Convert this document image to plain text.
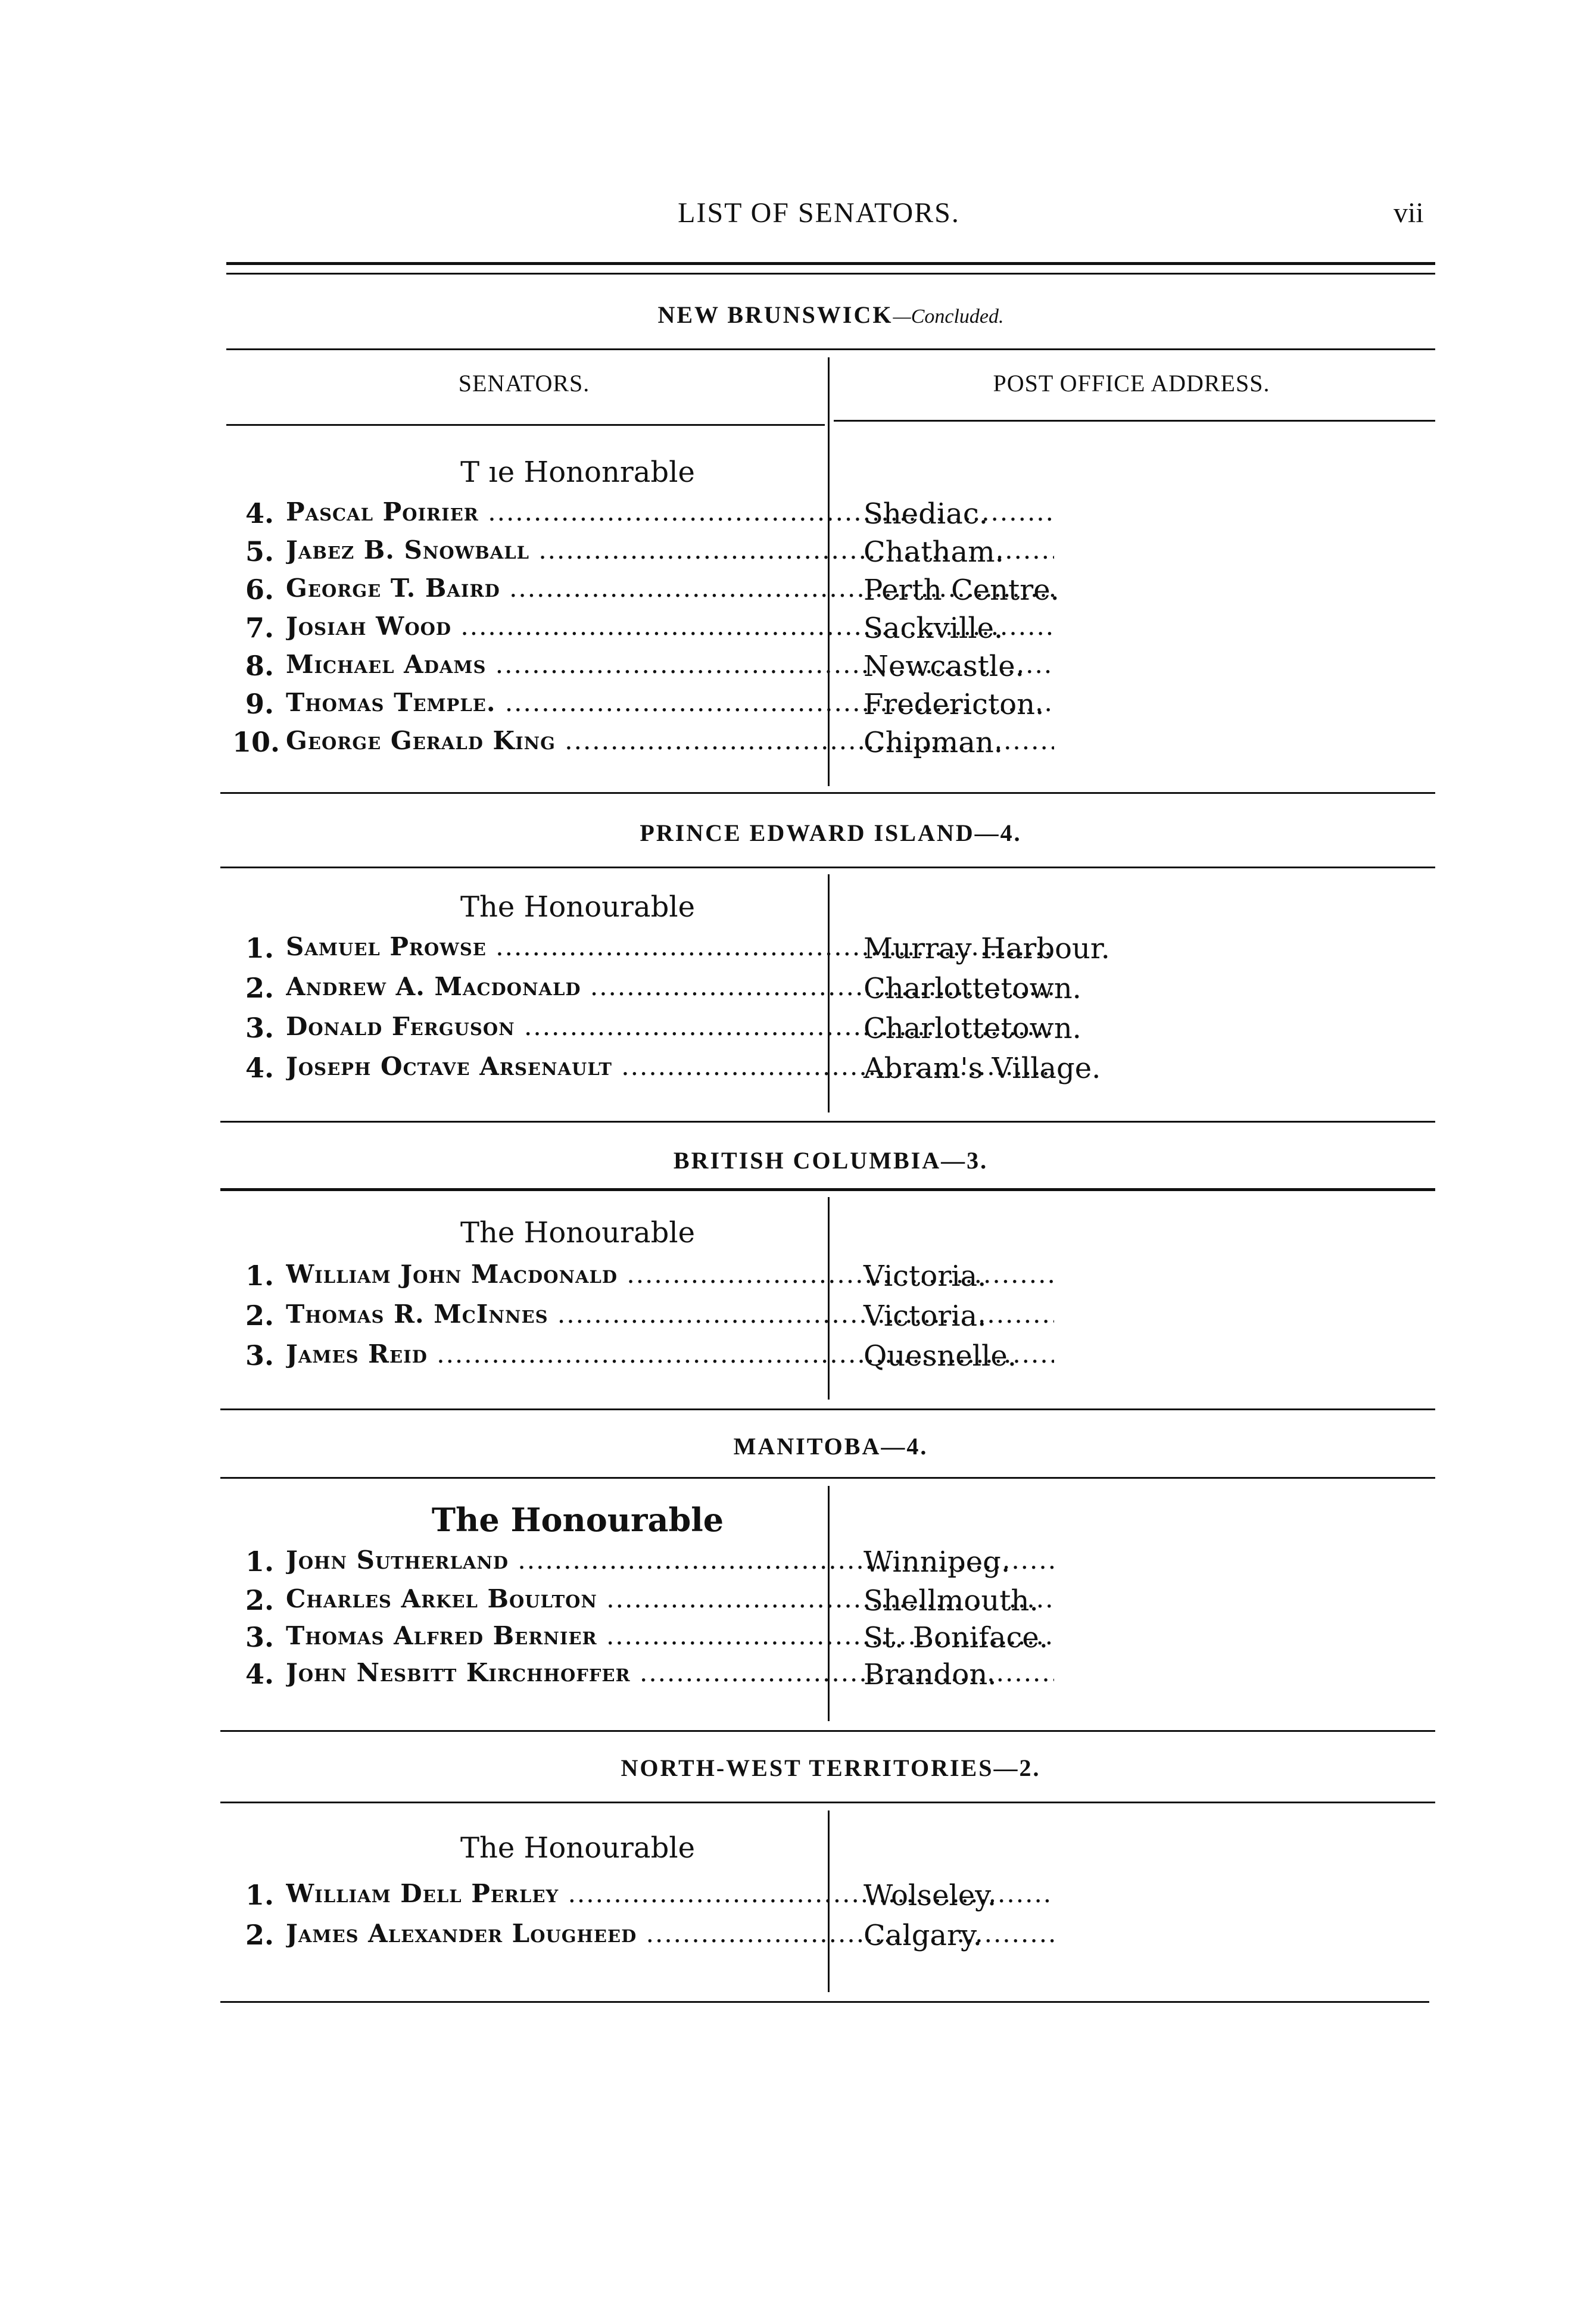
LIST OF SENATORS.	vii
NEW BRUNSWICK—Concluded.
SENATORS.	POST OFFICE ADDRESS.
T ıe Hononrable
4. Pascal Poirier .....	Shediac.
5. Jabez B. Snowball .....	Chatham.
6. George T. Baird .....	Perth Centre.
7. Josiah Wood .....	Sackville.
8. Michael Adams .....	Newcastle.
9. Thomas Temple. .....	Fredericton.
10. George Gerald King .....	Chipman.
PRINCE EDWARD ISLAND—4.
The Honourable
1. Samuel Prowse .....	Murray Harbour.
2. Andrew A. Macdonald .....	Charlottetown.
3. Donald Ferguson .....	Charlottetown.
4. Joseph Octave Arsenault .....	Abram's Village.
BRITISH COLUMBIA—3.
The Honourable
1. William John Macdonald .....	Victoria.
2. Thomas R. McInnes .....	Victoria.
3. James Reid .....	Quesnelle.
MANITOBA—4.
The Honourable
1. John Sutherland .....	Winnipeg.
2. Charles Arkel Boulton .....	Shellmouth.
3. Thomas Alfred Bernier .....	St. Boniface.
4. John Nesbitt Kirchhoffer .....	Brandon.
NORTH-WEST TERRITORIES—2.
The Honourable
1. William Dell Perley .....	Wolseley.
2. James Alexander Lougheed .....	Calgary.
